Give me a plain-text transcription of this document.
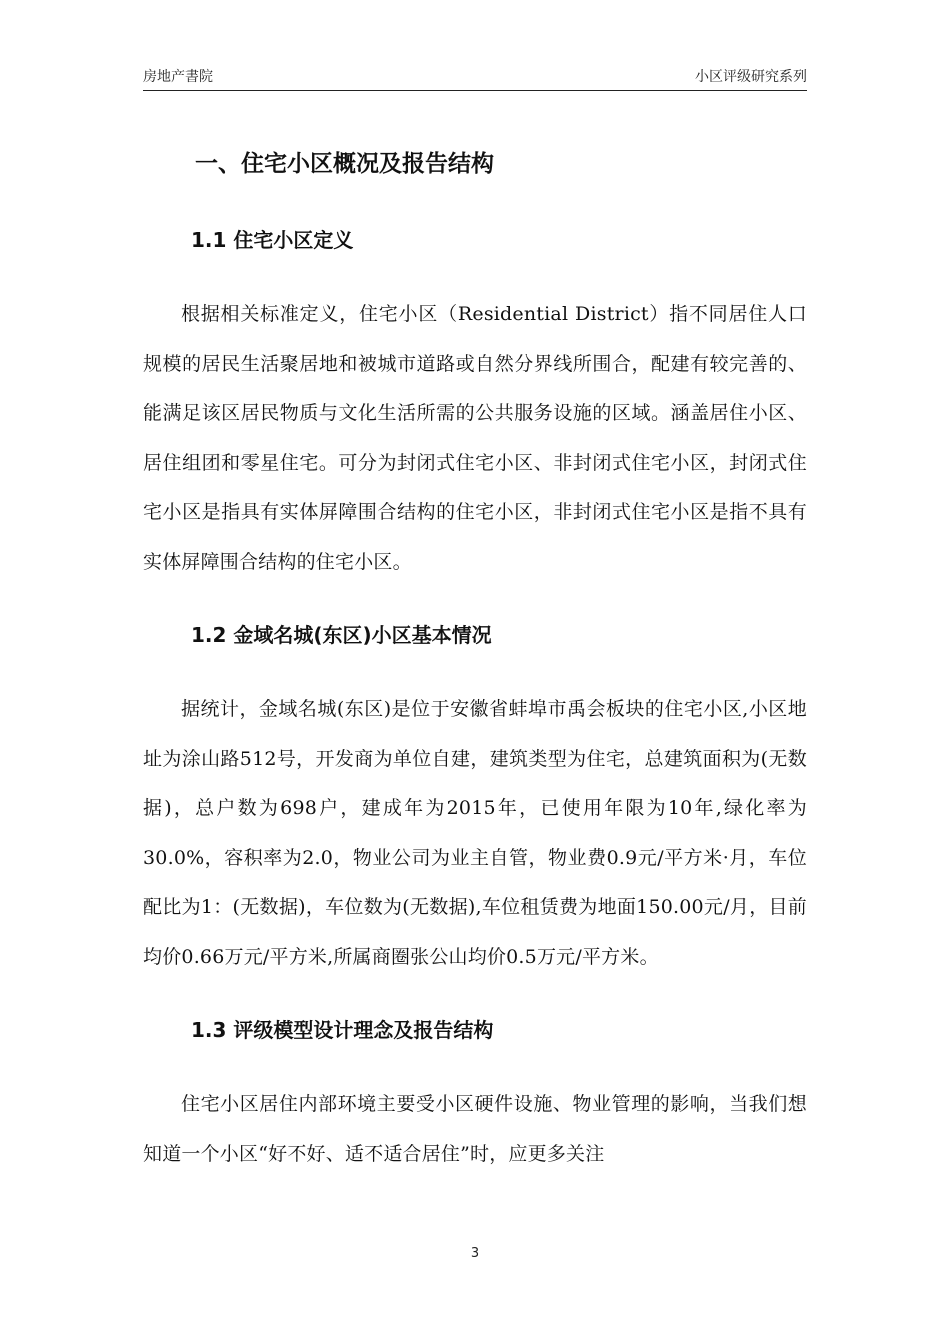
房地产書院	小区评级研究系列
一、住宅小区概况及报告结构
1.1 住宅小区定义

根据相关标准定义，住宅小区（Residential District）指不同居住人口规模的居民生活聚居地和被城市道路或自然分界线所围合，配建有较完善的、能满足该区居民物质与文化生活所需的公共服务设施的区域。涵盖居住小区、居住组团和零星住宅。可分为封闭式住宅小区、非封闭式住宅小区，封闭式住宅小区是指具有实体屏障围合结构的住宅小区，非封闭式住宅小区是指不具有实体屏障围合结构的住宅小区。

1.2 金域名城(东区)小区基本情况

据统计，金域名城(东区)是位于安徽省蚌埠市禹会板块的住宅小区,小区地址为涂山路512号，开发商为单位自建，建筑类型为住宅，总建筑面积为(无数据)，总户数为698户，建成年为2015年，已使用年限为10年,绿化率为30.0%，容积率为2.0，物业公司为业主自管，物业费0.9元/平方米·月，车位配比为1：(无数据)，车位数为(无数据),车位租赁费为地面150.00元/月，目前均价0.66万元/平方米,所属商圈张公山均价0.5万元/平方米。

1.3 评级模型设计理念及报告结构

住宅小区居住内部环境主要受小区硬件设施、物业管理的影响，当我们想知道一个小区“好不好、适不适合居住”时，应更多关注

3
